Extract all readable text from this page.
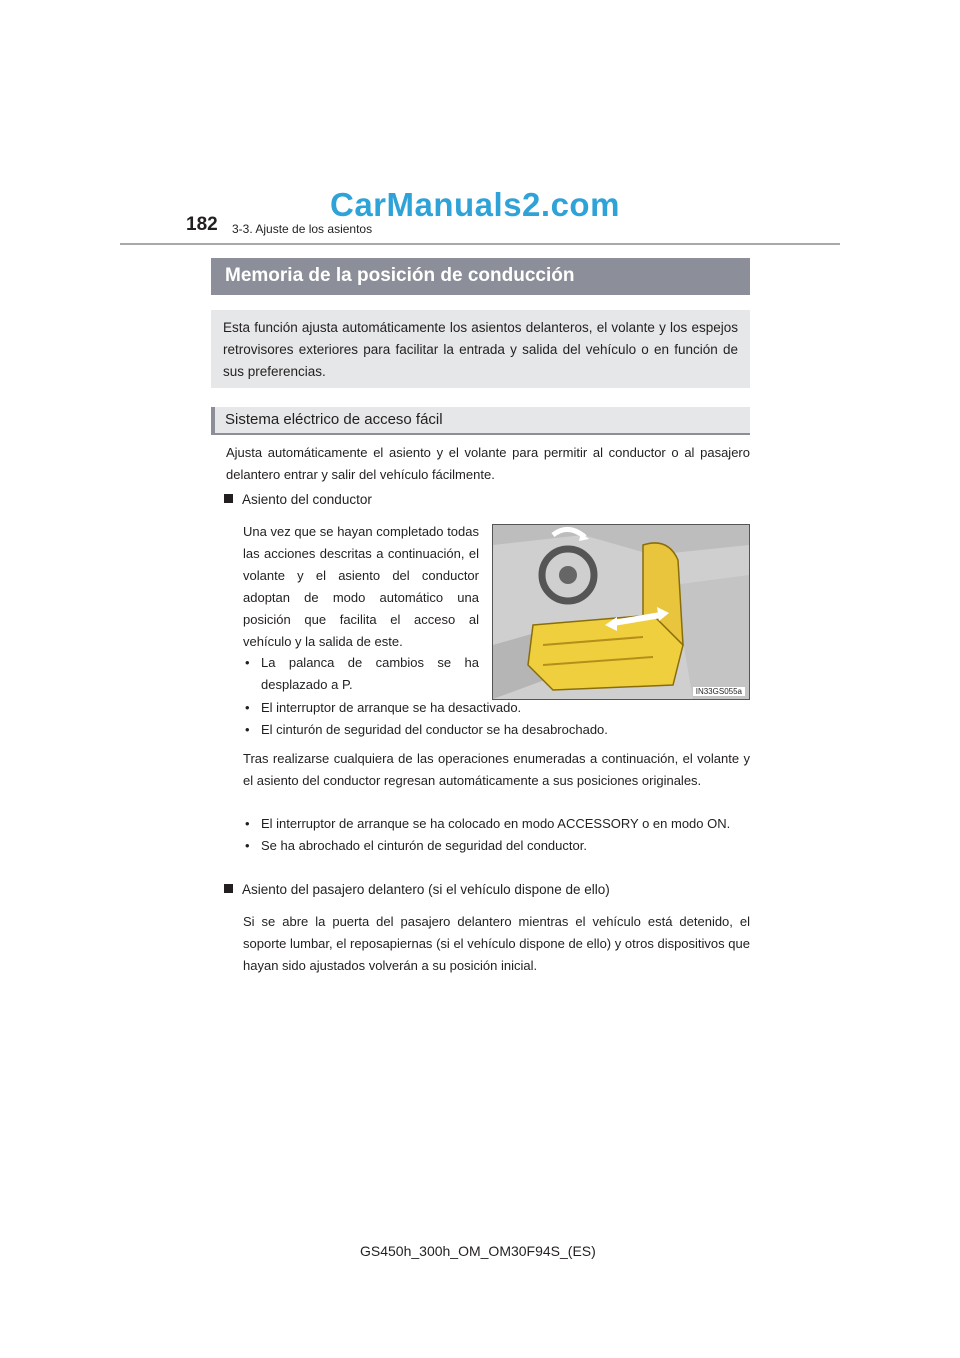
CarManuals2.com
182 3-3. Ajuste de los asientos
Memoria de la posición de conducción
Esta función ajusta automáticamente los asientos delanteros, el volante y los espejos retrovisores exteriores para facilitar la entrada y salida del vehículo o en función de sus preferencias.
Sistema eléctrico de acceso fácil
Ajusta automáticamente el asiento y el volante para permitir al conductor o al pasajero delantero entrar y salir del vehículo fácilmente.
Asiento del conductor
Una vez que se hayan completado todas las acciones descritas a continuación, el volante y el asiento del conductor adoptan de modo automático una posición que facilita el acceso al vehículo y la salida de este.
• La palanca de cambios se ha desplazado a P.
• El interruptor de arranque se ha desactivado.
• El cinturón de seguridad del conductor se ha desabrochado.
IN33GS055a
Tras realizarse cualquiera de las operaciones enumeradas a continuación, el volante y el asiento del conductor regresan automáticamente a sus posiciones originales.
• El interruptor de arranque se ha colocado en modo ACCESSORY o en modo ON.
• Se ha abrochado el cinturón de seguridad del conductor.
Asiento del pasajero delantero (si el vehículo dispone de ello)
Si se abre la puerta del pasajero delantero mientras el vehículo está detenido, el soporte lumbar, el reposapiernas (si el vehículo dispone de ello) y otros dispositivos que hayan sido ajustados volverán a su posición inicial.
GS450h_300h_OM_OM30F94S_(ES)
